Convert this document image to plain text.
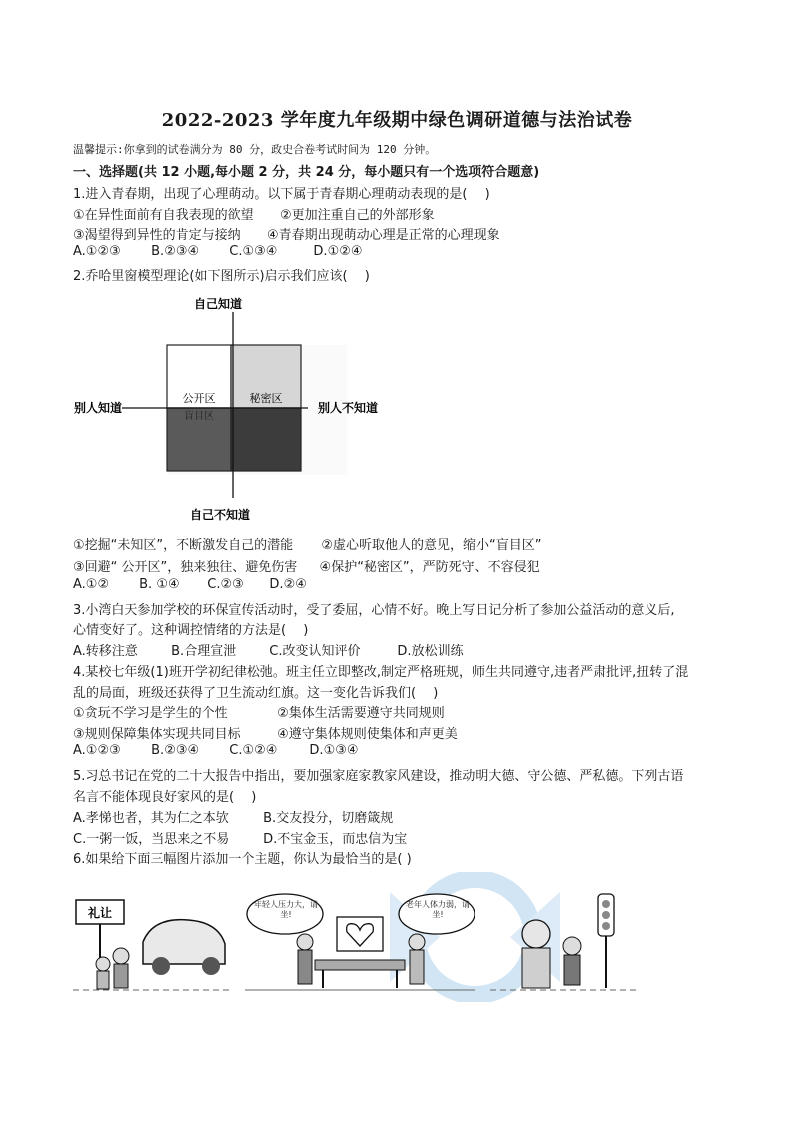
2022-2023 学年度九年级期中绿色调研道德与法治试卷
温馨提示:你拿到的试卷满分为 80 分，政史合卷考试时间为 120 分钟。
一、选择题(共 12 小题,每小题 2 分，共 24 分，每小题只有一个选项符合题意)
1.进入青春期，出现了心理萌动。以下属于青春期心理萌动表现的是(　 )
①在异性面前有自我表现的欲望 ②更加注重自己的外部形象
③渴望得到异性的肯定与接纳 ④青春期出现萌动心理是正常的心理现象
A.①②③ B.②③④ C.①③④	D.①②④
2.乔哈里窗模型理论(如下图所示)启示我们应该(　 )
自己知道
自己不知道
别人知道	别人不知道
公开区	秘密区
盲目区
①挖掘“未知区”，不断激发自己的潜能 ②虚心听取他人的意见，缩小“盲目区”
③回避“ 公开区”，独来独往、避免伤害 ④保护“秘密区”，严防死守、不容侵犯
A.①② B. ①④ C.②③ D.②④
3.小湾白天参加学校的环保宣传活动时，受了委屈，心情不好。晚上写日记分析了参加公益活动的意义后,
心情变好了。这种调控情绪的方法是(　 )
A.转移注意	B.合理宣泄	C.改变认知评价	D.放松训练
4.某校七年级(1)班开学初纪律松弛。班主任立即整改,制定严格班规，师生共同遵守,违者严肃批评,扭转了混
乱的局面，班级还获得了卫生流动红旗。这一变化告诉我们(　 )
①贪玩不学习是学生的个性	②集体生活需要遵守共同规则
③规则保障集体实现共同目标	④遵守集体规则使集体和声更美
A.①②③ B.②③④ C.①②④ D.①③④
5.习总书记在党的二十大报告中指出，要加强家庭家教家风建设，推动明大德、守公德、严私德。下列古语
名言不能体现良好家风的是(　 )
A.孝悌也者，其为仁之本欤	B.交友投分，切磨箴规
C.一粥一饭，当思来之不易	D.不宝金玉，而忠信为宝
6.如果给下面三幅图片添加一个主题，你认为最恰当的是( )
礼让
年轻人压力大，请坐!
老年人体力弱，请坐!
